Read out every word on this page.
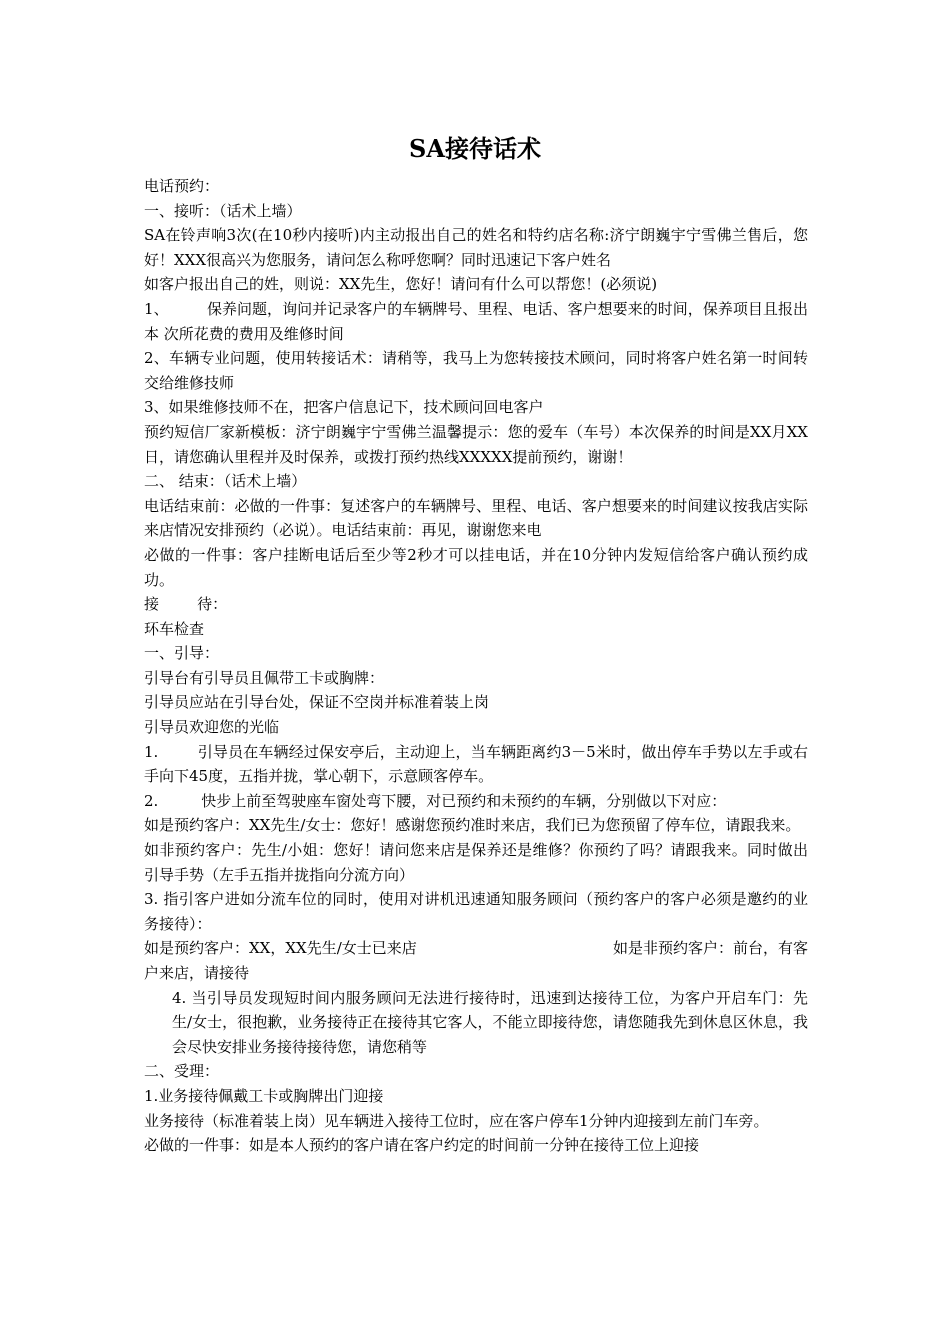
SA接待话术

电话预约：

一、接听：（话术上墙）

SA在铃声响3次(在10秒内接听)内主动报出自己的姓名和特约店名称:济宁朗巍宇宁雪佛兰售后，您好！XXX很高兴为您服务，请问怎么称呼您啊？同时迅速记下客户姓名

如客户报出自己的姓，则说：XX先生，您好！请问有什么可以帮您！(必须说)

1、        保养问题，询问并记录客户的车辆牌号、里程、电话、客户想要来的时间，保养项目且报出本 次所花费的费用及维修时间

2、车辆专业问题，使用转接话术：请稍等，我马上为您转接技术顾问，同时将客户姓名第一时间转交给维修技师

3、如果维修技师不在，把客户信息记下，技术顾问回电客户

预约短信厂家新模板：济宁朗巍宇宁雪佛兰温馨提示：您的爱车（车号）本次保养的时间是XX月XX日，请您确认里程并及时保养，或拨打预约热线XXXXX提前预约，谢谢！

二、 结束：（话术上墙）

电话结束前：必做的一件事：复述客户的车辆牌号、里程、电话、客户想要来的时间建议按我店实际来店情况安排预约（必说）。电话结束前：再见，谢谢您来电

必做的一件事：客户挂断电话后至少等2秒才可以挂电话，并在10分钟内发短信给客户确认预约成功。

接        待：

环车检查

一、引导：

引导台有引导员且佩带工卡或胸牌：

引导员应站在引导台处，保证不空岗并标准着装上岗

引导员欢迎您的光临

1.        引导员在车辆经过保安亭后，主动迎上，当车辆距离约3－5米时，做出停车手势以左手或右手向下45度，五指并拢，掌心朝下，示意顾客停车。

2.         快步上前至驾驶座车窗处弯下腰，对已预约和未预约的车辆，分别做以下对应：

如是预约客户：XX先生/女士：您好！感谢您预约准时来店，我们已为您预留了停车位，请跟我来。

如非预约客户：先生/小姐：您好！请问您来店是保养还是维修？你预约了吗？请跟我来。同时做出引导手势（左手五指并拢指向分流方向）

3. 指引客户进如分流车位的同时，使用对讲机迅速通知服务顾问（预约客户的客户必须是邀约的业务接待）：

如是预约客户：XX，XX先生/女士已来店	如是非预约客户：前台，有客

户来店，请接待

4. 当引导员发现短时间内服务顾问无法进行接待时，迅速到达接待工位，为客户开启车门：先生/女士，很抱歉，业务接待正在接待其它客人，不能立即接待您，请您随我先到休息区休息，我会尽快安排业务接待接待您，请您稍等

二、受理：

1.业务接待佩戴工卡或胸牌出门迎接

业务接待（标准着装上岗）见车辆进入接待工位时，应在客户停车1分钟内迎接到左前门车旁。

必做的一件事：如是本人预约的客户请在客户约定的时间前一分钟在接待工位上迎接
